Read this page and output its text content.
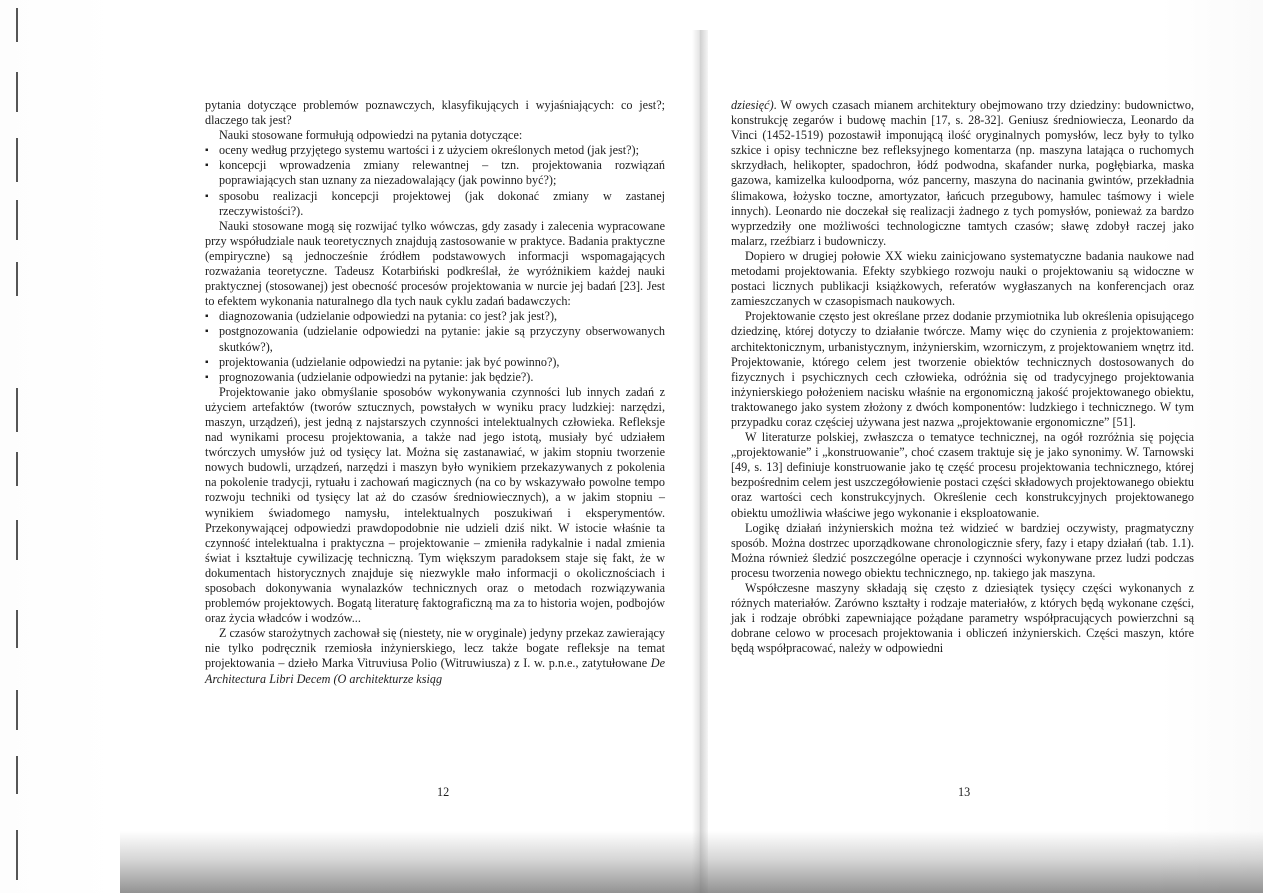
pytania dotyczące problemów poznawczych, klasyfikujących i wyjaśniających: co jest?; dlaczego tak jest?

Nauki stosowane formułują odpowiedzi na pytania dotyczące:

▪ oceny według przyjętego systemu wartości i z użyciem określonych metod (jak jest?);
▪ koncepcji wprowadzenia zmiany relewantnej – tzn. projektowania rozwiązań poprawiających stan uznany za niezadowalający (jak powinno być?);
▪ sposobu realizacji koncepcji projektowej (jak dokonać zmiany w zastanej rzeczywistości?).

Nauki stosowane mogą się rozwijać tylko wówczas, gdy zasady i zalecenia wypracowane przy współudziale nauk teoretycznych znajdują zastosowanie w praktyce. Badania praktyczne (empiryczne) są jednocześnie źródłem podstawowych informacji wspomagających rozważania teoretyczne. Tadeusz Kotarbiński podkreślał, że wyróżnikiem każdej nauki praktycznej (stosowanej) jest obecność procesów projektowania w nurcie jej badań [23]. Jest to efektem wykonania naturalnego dla tych nauk cyklu zadań badawczych:

▪ diagnozowania (udzielanie odpowiedzi na pytania: co jest? jak jest?),
▪ postgnozowania (udzielanie odpowiedzi na pytanie: jakie są przyczyny obserwowanych skutków?),
▪ projektowania (udzielanie odpowiedzi na pytanie: jak być powinno?),
▪ prognozowania (udzielanie odpowiedzi na pytanie: jak będzie?).

Projektowanie jako obmyślanie sposobów wykonywania czynności lub innych zadań z użyciem artefaktów (tworów sztucznych, powstałych w wyniku pracy ludzkiej: narzędzi, maszyn, urządzeń), jest jedną z najstarszych czynności intelektualnych człowieka. Refleksje nad wynikami procesu projektowania, a także nad jego istotą, musiały być udziałem twórczych umysłów już od tysięcy lat. Można się zastanawiać, w jakim stopniu tworzenie nowych budowli, urządzeń, narzędzi i maszyn było wynikiem przekazywanych z pokolenia na pokolenie tradycji, rytuału i zachowań magicznych (na co by wskazywało powolne tempo rozwoju techniki od tysięcy lat aż do czasów średniowiecznych), a w jakim stopniu – wynikiem świadomego namysłu, intelektualnych poszukiwań i eksperymentów. Przekonywającej odpowiedzi prawdopodobnie nie udzieli dziś nikt. W istocie właśnie ta czynność intelektualna i praktyczna – projektowanie – zmieniła radykalnie i nadal zmienia świat i kształtuje cywilizację techniczną. Tym większym paradoksem staje się fakt, że w dokumentach historycznych znajduje się niezwykle mało informacji o okolicznościach i sposobach dokonywania wynalazków technicznych oraz o metodach rozwiązywania problemów projektowych. Bogatą literaturę faktograficzną ma za to historia wojen, podbojów oraz życia władców i wodzów...

Z czasów starożytnych zachował się (niestety, nie w oryginale) jedyny przekaz zawierający nie tylko podręcznik rzemiosła inżynierskiego, lecz także bogate refleksje na temat projektowania – dzieło Marka Vitruviusa Polio (Witruwiusza) z I. w. p.n.e., zatytułowane De Architectura Libri Decem (O architekturze ksiąg

12

dziesięć). W owych czasach mianem architektury obejmowano trzy dziedziny: budownictwo, konstrukcję zegarów i budowę machin [17, s. 28-32]. Geniusz średniowiecza, Leonardo da Vinci (1452-1519) pozostawił imponującą ilość oryginalnych pomysłów, lecz były to tylko szkice i opisy techniczne bez refleksyjnego komentarza (np. maszyna latająca o ruchomych skrzydłach, helikopter, spadochron, łódź podwodna, skafander nurka, pogłębiarka, maska gazowa, kamizelka kuloodporna, wóz pancerny, maszyna do nacinania gwintów, przekładnia ślimakowa, łożysko toczne, amortyzator, łańcuch przegubowy, hamulec taśmowy i wiele innych). Leonardo nie doczekał się realizacji żadnego z tych pomysłów, ponieważ za bardzo wyprzedziły one możliwości technologiczne tamtych czasów; sławę zdobył raczej jako malarz, rzeźbiarz i budowniczy.

Dopiero w drugiej połowie XX wieku zainicjowano systematyczne badania naukowe nad metodami projektowania. Efekty szybkiego rozwoju nauki o projektowaniu są widoczne w postaci licznych publikacji książkowych, referatów wygłaszanych na konferencjach oraz zamieszczanych w czasopismach naukowych.

Projektowanie często jest określane przez dodanie przymiotnika lub określenia opisującego dziedzinę, której dotyczy to działanie twórcze. Mamy więc do czynienia z projektowaniem: architektonicznym, urbanistycznym, inżynierskim, wzorniczym, z projektowaniem wnętrz itd. Projektowanie, którego celem jest tworzenie obiektów technicznych dostosowanych do fizycznych i psychicznych cech człowieka, odróżnia się od tradycyjnego projektowania inżynierskiego położeniem nacisku właśnie na ergonomiczną jakość projektowanego obiektu, traktowanego jako system złożony z dwóch komponentów: ludzkiego i technicznego. W tym przypadku coraz częściej używana jest nazwa „projektowanie ergonomiczne” [51].

W literaturze polskiej, zwłaszcza o tematyce technicznej, na ogół rozróżnia się pojęcia „projektowanie” i „konstruowanie”, choć czasem traktuje się je jako synonimy. W. Tarnowski [49, s. 13] definiuje konstruowanie jako tę część procesu projektowania technicznego, której bezpośrednim celem jest uszczegółowienie postaci części składowych projektowanego obiektu oraz wartości cech konstrukcyjnych. Określenie cech konstrukcyjnych projektowanego obiektu umożliwia właściwe jego wykonanie i eksploatowanie.

Logikę działań inżynierskich można też widzieć w bardziej oczywisty, pragmatyczny sposób. Można dostrzec uporządkowane chronologicznie sfery, fazy i etapy działań (tab. 1.1). Można również śledzić poszczególne operacje i czynności wykonywane przez ludzi podczas procesu tworzenia nowego obiektu technicznego, np. takiego jak maszyna.

Współczesne maszyny składają się często z dziesiątek tysięcy części wykonanych z różnych materiałów. Zarówno kształty i rodzaje materiałów, z których będą wykonane części, jak i rodzaje obróbki zapewniające pożądane parametry współpracujących powierzchni są dobrane celowo w procesach projektowania i obliczeń inżynierskich. Części maszyn, które będą współpracować, należy w odpowiedni

13
